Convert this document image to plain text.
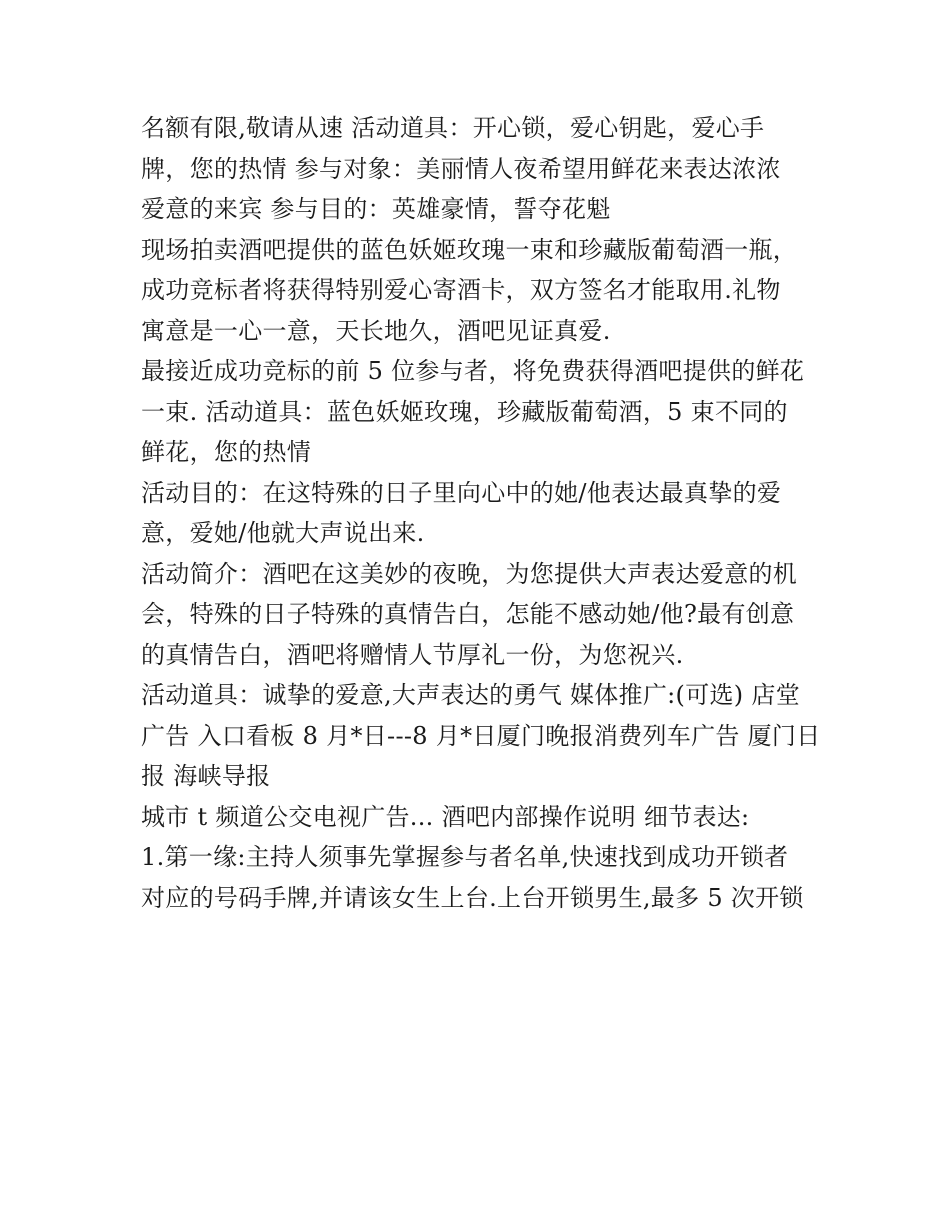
名额有限,敬请从速 活动道具：开心锁，爱心钥匙，爱心手

牌，您的热情 参与对象：美丽情人夜希望用鲜花来表达浓浓

爱意的来宾 参与目的：英雄豪情，誓夺花魁

现场拍卖酒吧提供的蓝色妖姬玫瑰一束和珍藏版葡萄酒一瓶，

成功竞标者将获得特别爱心寄酒卡，双方签名才能取用.礼物

寓意是一心一意，天长地久，酒吧见证真爱.

最接近成功竞标的前 5 位参与者，将免费获得酒吧提供的鲜花

一束. 活动道具：蓝色妖姬玫瑰，珍藏版葡萄酒，5 束不同的

鲜花，您的热情

活动目的：在这特殊的日子里向心中的她/他表达最真挚的爱

意，爱她/他就大声说出来.

活动简介：酒吧在这美妙的夜晚，为您提供大声表达爱意的机

会，特殊的日子特殊的真情告白，怎能不感动她/他?最有创意

的真情告白，酒吧将赠情人节厚礼一份，为您祝兴.

活动道具：诚挚的爱意,大声表达的勇气 媒体推广:(可选) 店堂

广告 入口看板 8 月*日---8 月*日厦门晚报消费列车广告 厦门日

报 海峡导报

城市 t 频道公交电视广告... 酒吧内部操作说明 细节表达:

1.第一缘:主持人须事先掌握参与者名单,快速找到成功开锁者

对应的号码手牌,并请该女生上台.上台开锁男生,最多 5 次开锁
